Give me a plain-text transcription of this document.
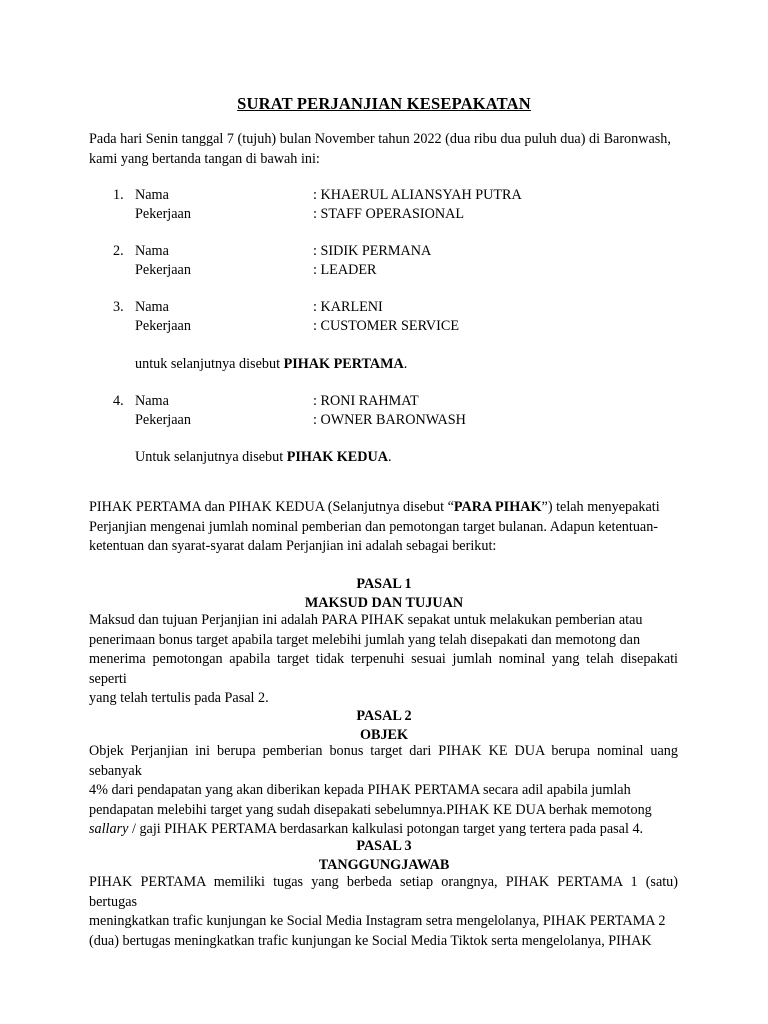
SURAT PERJANJIAN KESEPAKATAN
Pada hari Senin tanggal 7 (tujuh) bulan November tahun 2022 (dua ribu dua puluh dua) di Baronwash,
kami yang bertanda tangan di bawah ini:
1. Nama	: KHAERUL ALIANSYAH PUTRA
Pekerjaan	: STAFF OPERASIONAL
2. Nama	: SIDIK PERMANA
Pekerjaan	: LEADER
3. Nama	: KARLENI
Pekerjaan	: CUSTOMER SERVICE
untuk selanjutnya disebut PIHAK PERTAMA.
4. Nama	: RONI RAHMAT
Pekerjaan	: OWNER BARONWASH
Untuk selanjutnya disebut PIHAK KEDUA.
PIHAK PERTAMA dan PIHAK KEDUA (Selanjutnya disebut “PARA PIHAK”) telah menyepakati
Perjanjian mengenai jumlah nominal pemberian dan pemotongan target bulanan. Adapun ketentuan-
ketentuan dan syarat-syarat dalam Perjanjian ini adalah sebagai berikut:
PASAL 1
MAKSUD DAN TUJUAN
Maksud dan tujuan Perjanjian ini adalah PARA PIHAK sepakat untuk melakukan pemberian atau
penerimaan bonus target apabila target melebihi jumlah yang telah disepakati dan memotong dan
menerima pemotongan apabila target tidak terpenuhi sesuai jumlah nominal yang telah disepakati seperti
yang telah tertulis pada Pasal 2.
PASAL 2
OBJEK
Objek Perjanjian ini berupa pemberian bonus target dari PIHAK KE DUA berupa nominal uang sebanyak
4% dari pendapatan yang akan diberikan kepada PIHAK PERTAMA secara adil apabila jumlah
pendapatan melebihi target yang sudah disepakati sebelumnya.PIHAK KE DUA berhak memotong
sallary / gaji PIHAK PERTAMA berdasarkan kalkulasi potongan target yang tertera pada pasal 4.
PASAL 3
TANGGUNGJAWAB
PIHAK PERTAMA memiliki tugas yang berbeda setiap orangnya, PIHAK PERTAMA 1 (satu) bertugas
meningkatkan trafic kunjungan ke Social Media Instagram setra mengelolanya, PIHAK PERTAMA 2
(dua) bertugas meningkatkan trafic kunjungan ke Social Media Tiktok serta mengelolanya, PIHAK
